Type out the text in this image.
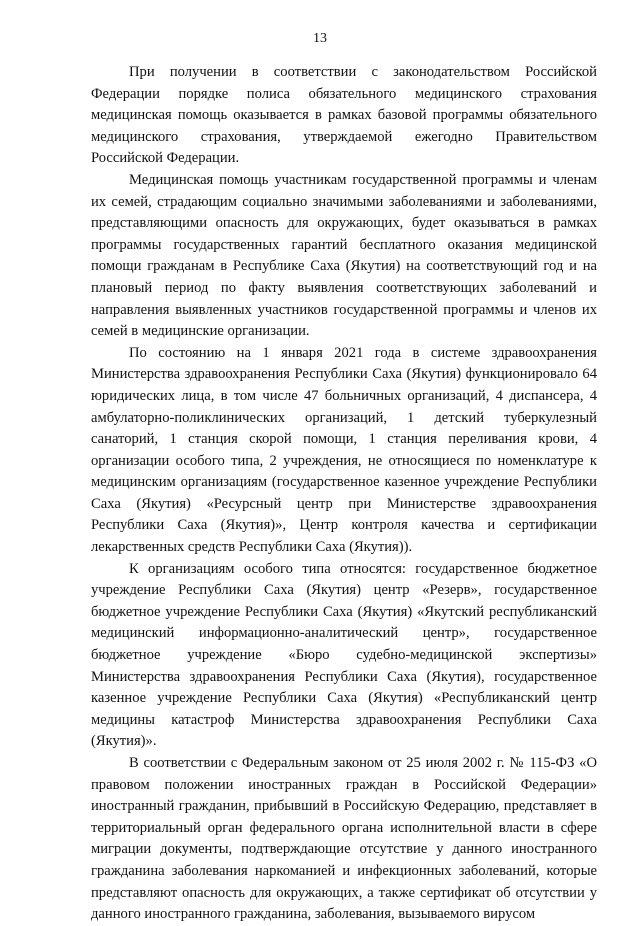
13

При получении в соответствии с законодательством Российской Федерации порядке полиса обязательного медицинского страхования медицинская помощь оказывается в рамках базовой программы обязательного медицинского страхования, утверждаемой ежегодно Правительством Российской Федерации.

Медицинская помощь участникам государственной программы и членам их семей, страдающим социально значимыми заболеваниями и заболеваниями, представляющими опасность для окружающих, будет оказываться в рамках программы государственных гарантий бесплатного оказания медицинской помощи гражданам в Республике Саха (Якутия) на соответствующий год и на плановый период по факту выявления соответствующих заболеваний и направления выявленных участников государственной программы и членов их семей в медицинские организации.

По состоянию на 1 января 2021 года в системе здравоохранения Министерства здравоохранения Республики Саха (Якутия) функционировало 64 юридических лица, в том числе 47 больничных организаций, 4 диспансера, 4 амбулаторно-поликлинических организаций, 1 детский туберкулезный санаторий, 1 станция скорой помощи, 1 станция переливания крови, 4 организации особого типа, 2 учреждения, не относящиеся по номенклатуре к медицинским организациям (государственное казенное учреждение Республики Саха (Якутия) «Ресурсный центр при Министерстве здравоохранения Республики Саха (Якутия)», Центр контроля качества и сертификации лекарственных средств Республики Саха (Якутия)).

К организациям особого типа относятся: государственное бюджетное учреждение Республики Саха (Якутия) центр «Резерв», государственное бюджетное учреждение Республики Саха (Якутия) «Якутский республиканский медицинский информационно-аналитический центр», государственное бюджетное учреждение «Бюро судебно-медицинской экспертизы» Министерства здравоохранения Республики Саха (Якутия), государственное казенное учреждение Республики Саха (Якутия) «Республиканский центр медицины катастроф Министерства здравоохранения Республики Саха (Якутия)».

В соответствии с Федеральным законом от 25 июля 2002 г. № 115-ФЗ «О правовом положении иностранных граждан в Российской Федерации» иностранный гражданин, прибывший в Российскую Федерацию, представляет в территориальный орган федерального органа исполнительной власти в сфере миграции документы, подтверждающие отсутствие у данного иностранного гражданина заболевания наркоманией и инфекционных заболеваний, которые представляют опасность для окружающих, а также сертификат об отсутствии у данного иностранного гражданина, заболевания, вызываемого вирусом
